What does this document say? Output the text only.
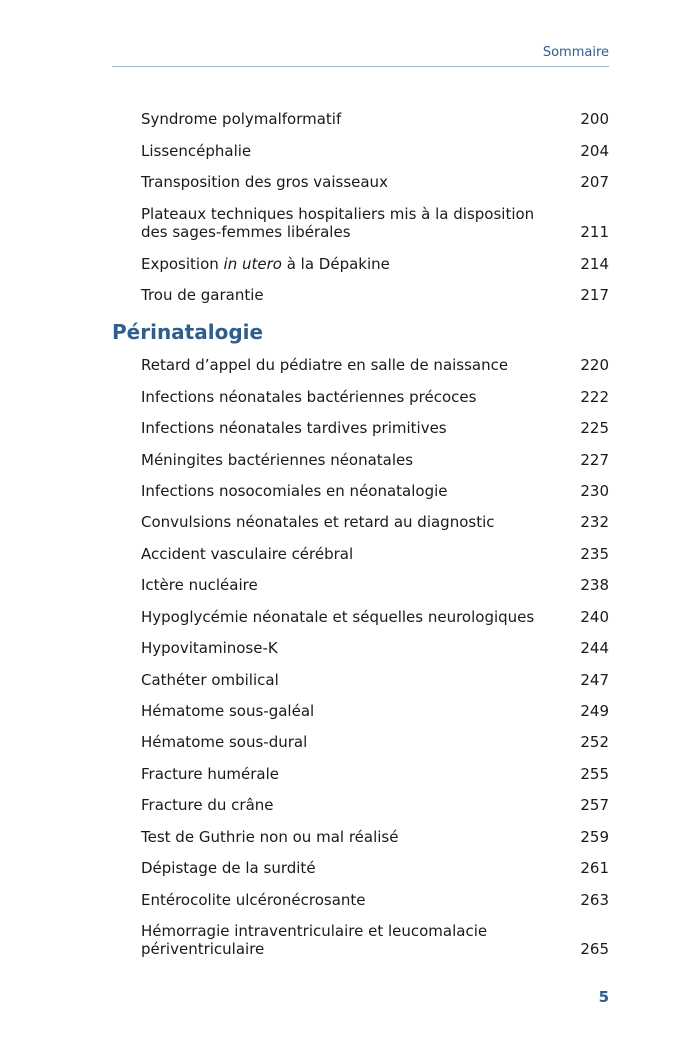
Sommaire
Syndrome polymalformatif	200
Lissencéphalie	204
Transposition des gros vaisseaux	207
Plateaux techniques hospitaliers mis à la disposition
des sages-femmes libérales	211
Exposition in utero à la Dépakine	214
Trou de garantie	217
Périnatalogie
Retard d’appel du pédiatre en salle de naissance	220
Infections néonatales bactériennes précoces	222
Infections néonatales tardives primitives	225
Méningites bactériennes néonatales	227
Infections nosocomiales en néonatalogie	230
Convulsions néonatales et retard au diagnostic	232
Accident vasculaire cérébral	235
Ictère nucléaire	238
Hypoglycémie néonatale et séquelles neurologiques	240
Hypovitaminose-K	244
Cathéter ombilical	247
Hématome sous-galéal	249
Hématome sous-dural	252
Fracture humérale	255
Fracture du crâne	257
Test de Guthrie non ou mal réalisé	259
Dépistage de la surdité	261
Entérocolite ulcéronécrosante	263
Hémorragie intraventriculaire et leucomalacie
périventriculaire	265
5
